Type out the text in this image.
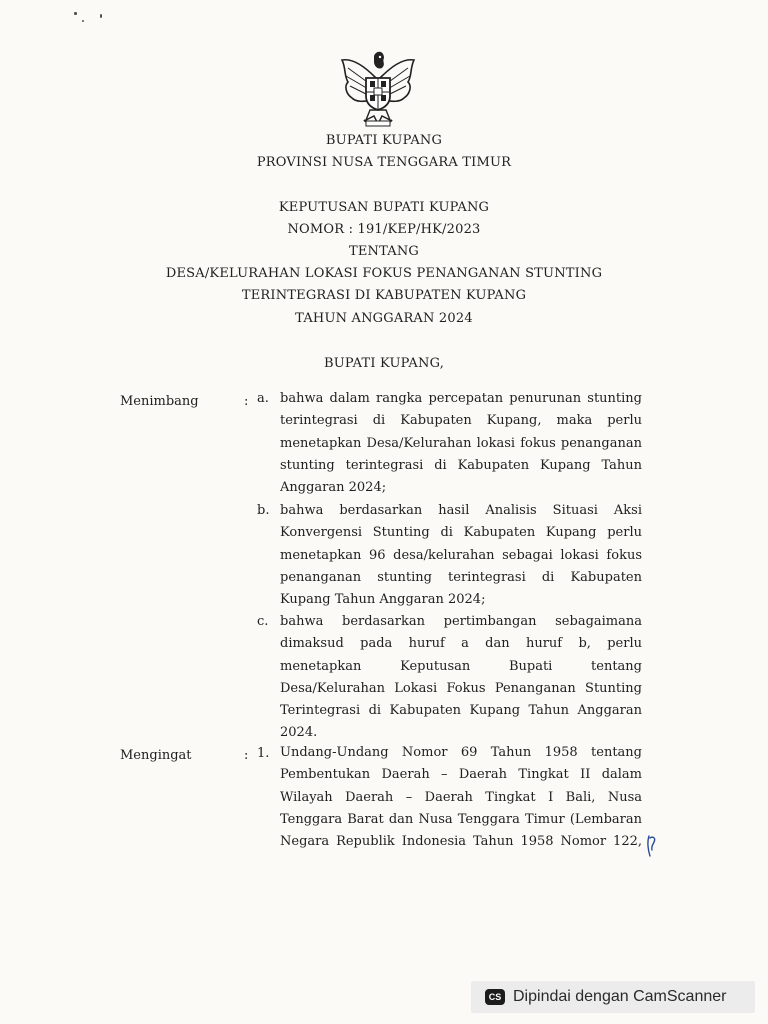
BUPATI KUPANG
PROVINSI NUSA TENGGARA TIMUR
KEPUTUSAN BUPATI KUPANG
NOMOR : 191/KEP/HK/2023
TENTANG
DESA/KELURAHAN LOKASI FOKUS PENANGANAN STUNTING
TERINTEGRASI DI KABUPATEN KUPANG
TAHUN ANGGARAN 2024
BUPATI KUPANG,
Menimbang	: a. bahwa dalam rangka percepatan penurunan stunting
terintegrasi di Kabupaten Kupang, maka perlu
menetapkan Desa/Kelurahan lokasi fokus penanganan
stunting terintegrasi di Kabupaten Kupang Tahun
Anggaran 2024;
b. bahwa berdasarkan hasil Analisis Situasi Aksi
Konvergensi Stunting di Kabupaten Kupang perlu
menetapkan 96 desa/kelurahan sebagai lokasi fokus
penanganan stunting terintegrasi di Kabupaten
Kupang Tahun Anggaran 2024;
c. bahwa berdasarkan pertimbangan sebagaimana
dimaksud pada huruf a dan huruf b, perlu
menetapkan Keputusan Bupati tentang
Desa/Kelurahan Lokasi Fokus Penanganan Stunting
Terintegrasi di Kabupaten Kupang Tahun Anggaran
2024.
Mengingat	: 1. Undang-Undang Nomor 69 Tahun 1958 tentang
Pembentukan Daerah – Daerah Tingkat II dalam
Wilayah Daerah – Daerah Tingkat I Bali, Nusa
Tenggara Barat dan Nusa Tenggara Timur (Lembaran
Negara Republik Indonesia Tahun 1958 Nomor 122,
CS Dipindai dengan CamScanner
